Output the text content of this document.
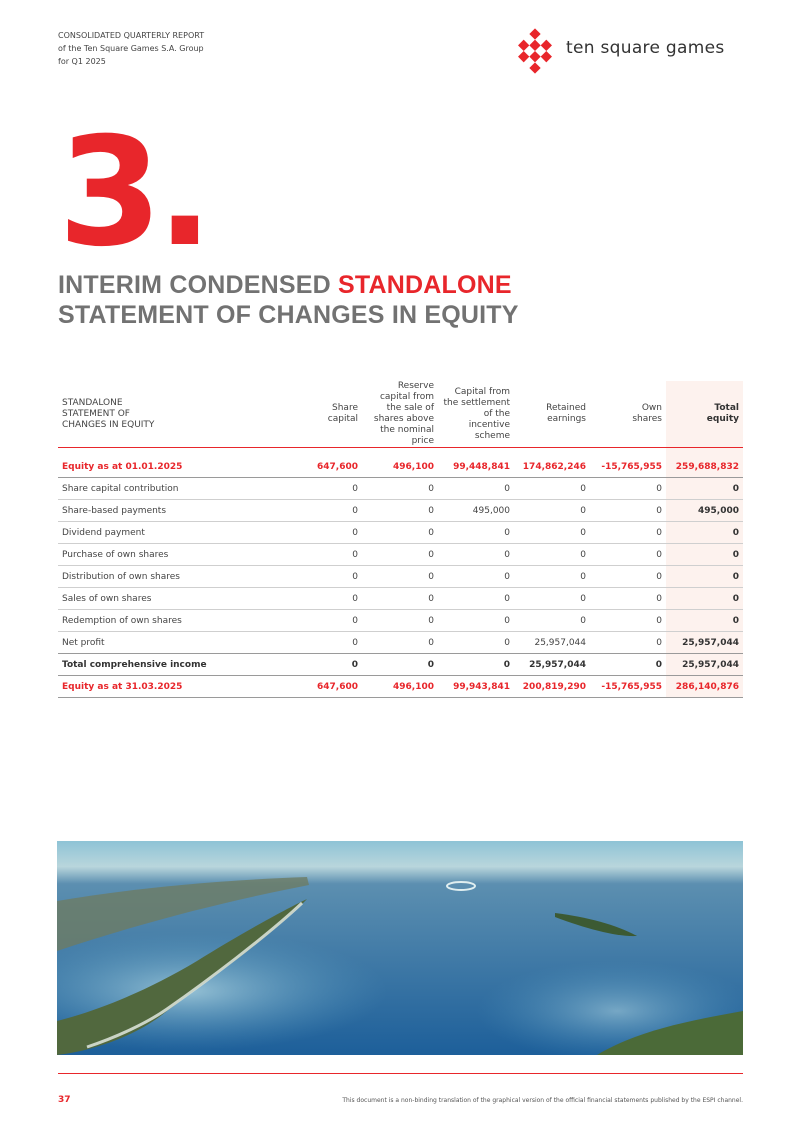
CONSOLIDATED QUARTERLY REPORT
of the Ten Square Games S.A. Group
for Q1 2025
ten square games
3.
INTERIM CONDENSED STANDALONE
STATEMENT OF CHANGES IN EQUITY
STANDALONE STATEMENT OF CHANGES IN EQUITY	Share capital	Reserve capital from the sale of shares above the nominal price	Capital from the settlement of the incentive scheme	Retained earnings	Own shares	Total equity

Equity as at 01.01.2025	647,600	496,100	99,448,841	174,862,246	-15,765,955	259,688,832
Share capital contribution	0	0	0	0	0	0
Share-based payments	0	0	495,000	0	0	495,000
Dividend payment	0	0	0	0	0	0
Purchase of own shares	0	0	0	0	0	0
Distribution of own shares	0	0	0	0	0	0
Sales of own shares	0	0	0	0	0	0
Redemption of own shares	0	0	0	0	0	0
Net profit	0	0	0	25,957,044	0	25,957,044
Total comprehensive income	0	0	0	25,957,044	0	25,957,044
Equity as at 31.03.2025	647,600	496,100	99,943,841	200,819,290	-15,765,955	286,140,876
37	This document is a non-binding translation of the graphical version of the official financial statements published by the ESPI channel.
